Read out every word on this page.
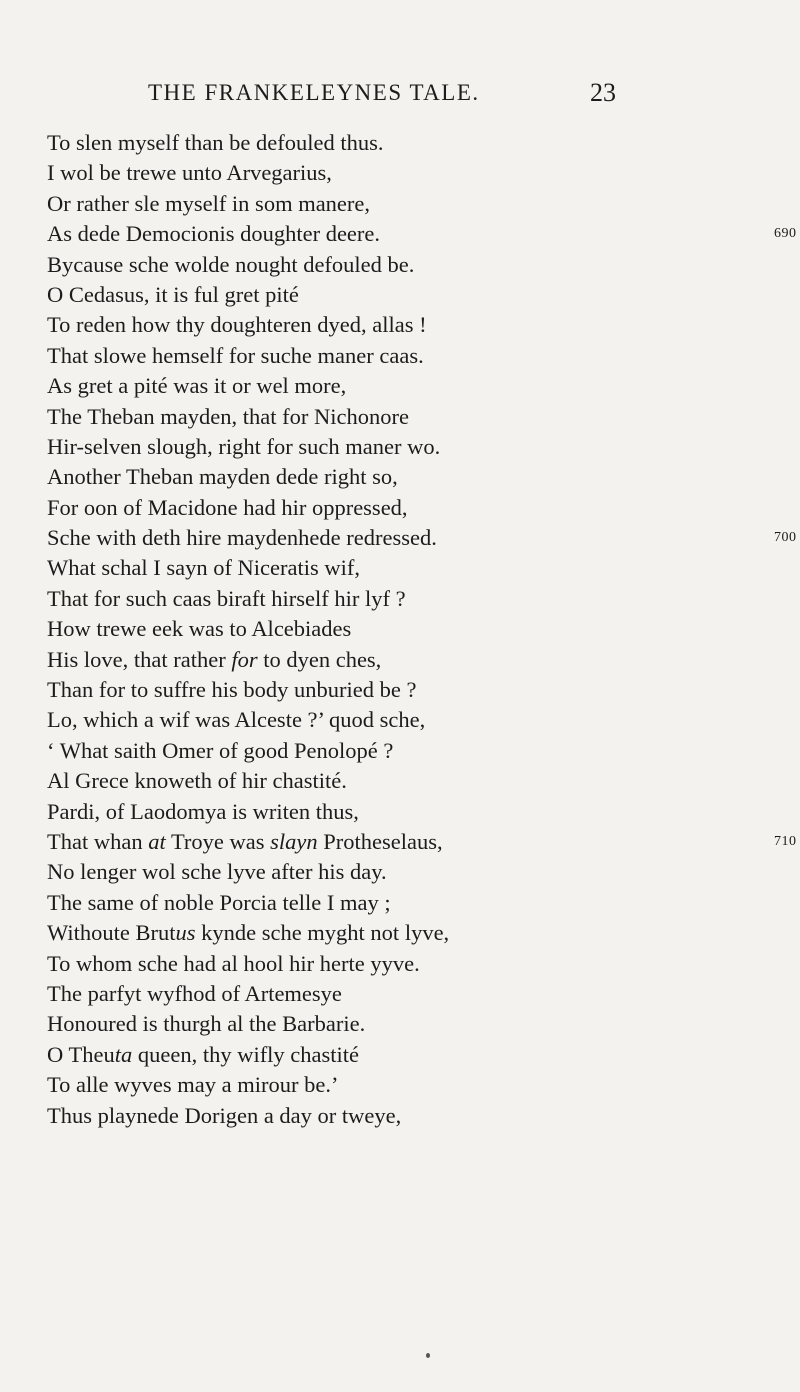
THE FRANKELEYNES TALE.	23
To slen myself than be defouled thus.
I wol be trewe unto Arvegarius,
Or rather sle myself in som manere,
As dede Democionis doughter deere.	690
Bycause sche wolde nought defouled be.
O Cedasus, it is ful gret pité
To reden how thy doughteren dyed, allas !
That slowe hemself for suche maner caas.
As gret a pité was it or wel more,
The Theban mayden, that for Nichonore
Hir-selven slough, right for such maner wo.
Another Theban mayden dede right so,
For oon of Macidone had hir oppressed,
Sche with deth hire maydenhede redressed.	700
What schal I sayn of Niceratis wif,
That for such caas biraft hirself hir lyf ?
How trewe eek was to Alcebiades
His love, that rather for to dyen ches,
Than for to suffre his body unburied be ?
Lo, which a wif was Alceste ?’ quod sche,
‘ What saith Omer of good Penolopé ?
Al Grece knoweth of hir chastité.
Pardi, of Laodomya is writen thus,
That whan at Troye was slayn Protheselaus,	710
No lenger wol sche lyve after his day.
The same of noble Porcia telle I may ;
Withoute Brutus kynde sche myght not lyve,
To whom sche had al hool hir herte yyve.
The parfyt wyfhod of Artemesye
Honoured is thurgh al the Barbarie.
O Theuta queen, thy wifly chastité
To alle wyves may a mirour be.’
Thus playnede Dorigen a day or tweye,
